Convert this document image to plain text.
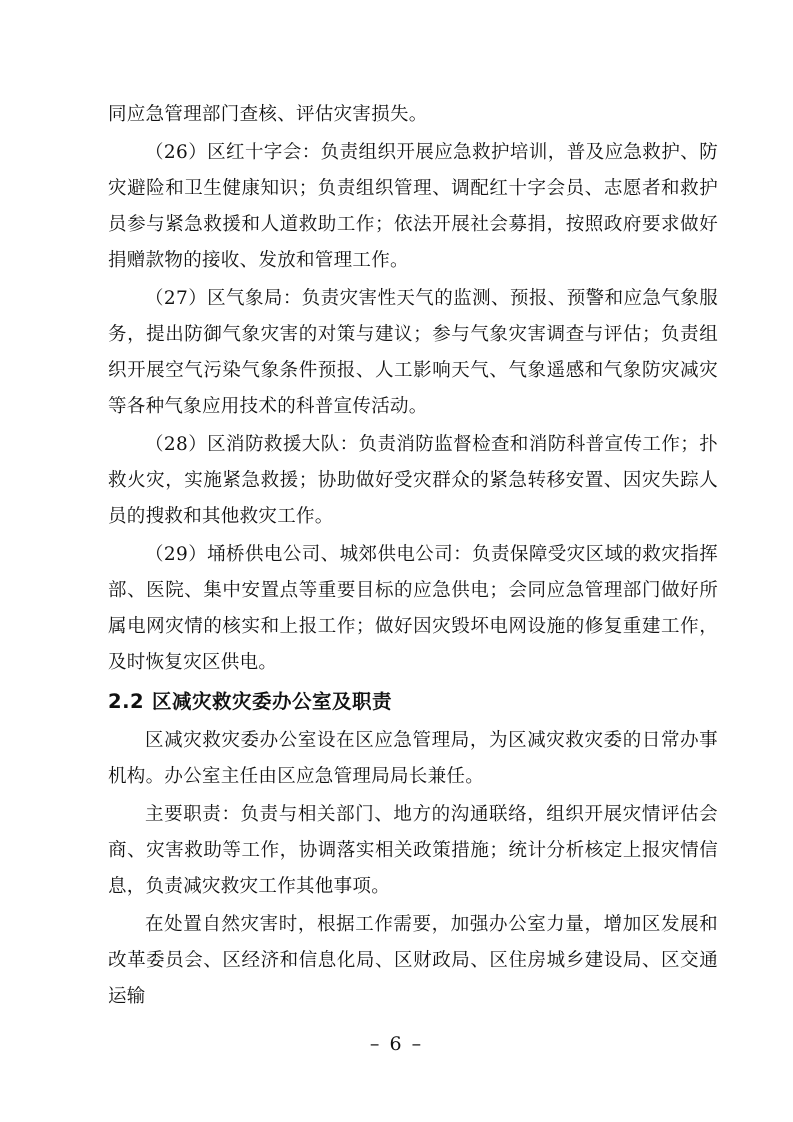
同应急管理部门查核、评估灾害损失。

（26）区红十字会：负责组织开展应急救护培训，普及应急救护、防灾避险和卫生健康知识；负责组织管理、调配红十字会员、志愿者和救护员参与紧急救援和人道救助工作；依法开展社会募捐，按照政府要求做好捐赠款物的接收、发放和管理工作。

（27）区气象局：负责灾害性天气的监测、预报、预警和应急气象服务，提出防御气象灾害的对策与建议；参与气象灾害调查与评估；负责组织开展空气污染气象条件预报、人工影响天气、气象遥感和气象防灾减灾等各种气象应用技术的科普宣传活动。

（28）区消防救援大队：负责消防监督检查和消防科普宣传工作；扑救火灾，实施紧急救援；协助做好受灾群众的紧急转移安置、因灾失踪人员的搜救和其他救灾工作。

（29）埇桥供电公司、城郊供电公司：负责保障受灾区域的救灾指挥部、医院、集中安置点等重要目标的应急供电；会同应急管理部门做好所属电网灾情的核实和上报工作；做好因灾毁坏电网设施的修复重建工作，及时恢复灾区供电。

2.2 区减灾救灾委办公室及职责

区减灾救灾委办公室设在区应急管理局，为区减灾救灾委的日常办事机构。办公室主任由区应急管理局局长兼任。

主要职责：负责与相关部门、地方的沟通联络，组织开展灾情评估会商、灾害救助等工作，协调落实相关政策措施；统计分析核定上报灾情信息，负责减灾救灾工作其他事项。

在处置自然灾害时，根据工作需要，加强办公室力量，增加区发展和改革委员会、区经济和信息化局、区财政局、区住房城乡建设局、区交通运输

– 6 –
